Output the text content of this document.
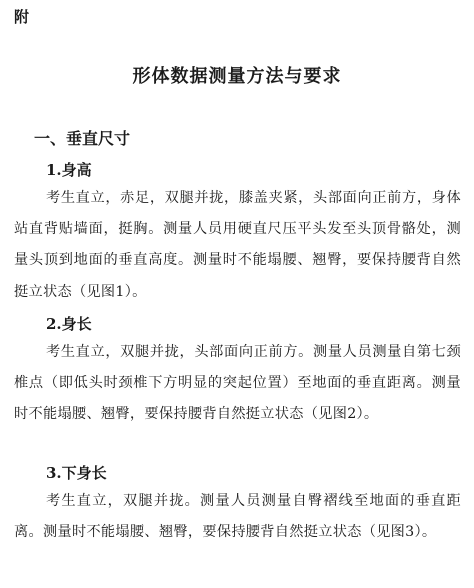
附
形体数据测量方法与要求
一、垂直尺寸
1.身高
考生直立，赤足，双腿并拢，膝盖夹紧，头部面向正前方，身体站直背贴墙面，挺胸。测量人员用硬直尺压平头发至头顶骨骼处，测量头顶到地面的垂直高度。测量时不能塌腰、翘臀，要保持腰背自然挺立状态（见图1）。
2.身长
考生直立，双腿并拢，头部面向正前方。测量人员测量自第七颈椎点（即低头时颈椎下方明显的突起位置）至地面的垂直距离。测量时不能塌腰、翘臀，要保持腰背自然挺立状态（见图2）。
3.下身长
考生直立，双腿并拢。测量人员测量自臀褶线至地面的垂直距离。测量时不能塌腰、翘臀，要保持腰背自然挺立状态（见图3）。
